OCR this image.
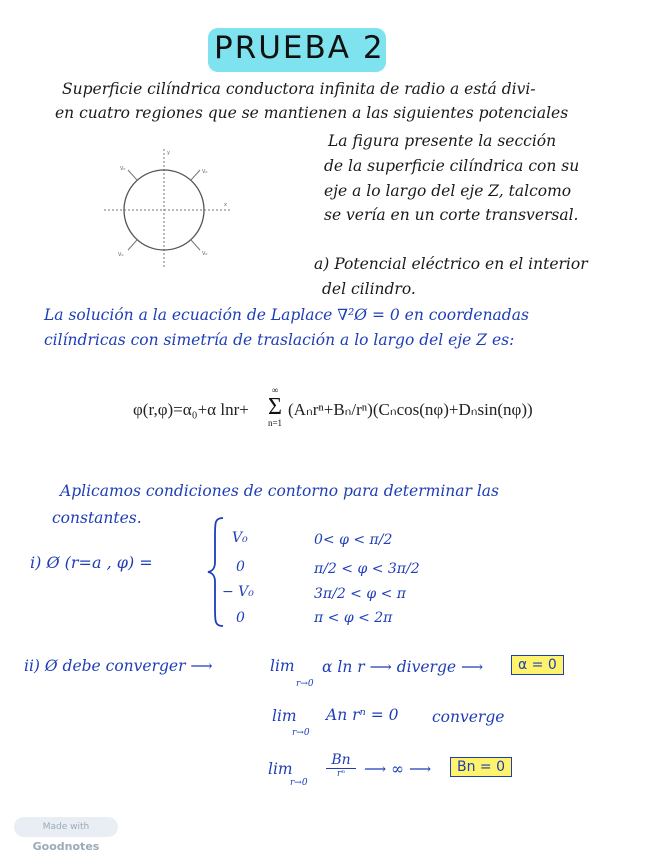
PRUEBA 2
Superficie cilíndrica conductora infinita de radio a está divi-
en cuatro regiones que se mantienen a las siguientes potenciales
La figura presente la sección
de la superficie cilíndrica con su
eje a lo largo del eje Z, talcomo
se vería en un corte transversal.
y
x
V₀
V₀
V₀	V₀
a) Potencial eléctrico en el interior
del cilindro.
La solución a la ecuación de Laplace ∇²Ø = 0 en coordenadas
cilíndricas con simetría de traslación a lo largo del eje Z es:
φ(r,φ)=α₀+α lnr+
∞
Σ
n=1
(Aₙrⁿ+Bₙ/rⁿ)(Cₙcos(nφ)+Dₙsin(nφ))
Aplicamos condiciones de contorno para determinar las
constantes.
i) Ø (r=a , φ) =
V₀	0< φ < π/2
0	π/2 < φ < 3π/2
− V₀	3π/2 < φ < π
0	π < φ < 2π
ii) Ø debe converger ⟶	lim
r→0
α ln r ⟶ diverge ⟶	α = 0
lim
r→0
An rⁿ = 0 converge
lim
r→0
Bn
rⁿ	⟶ ∞ ⟶	Bn = 0
Made with Goodnotes
